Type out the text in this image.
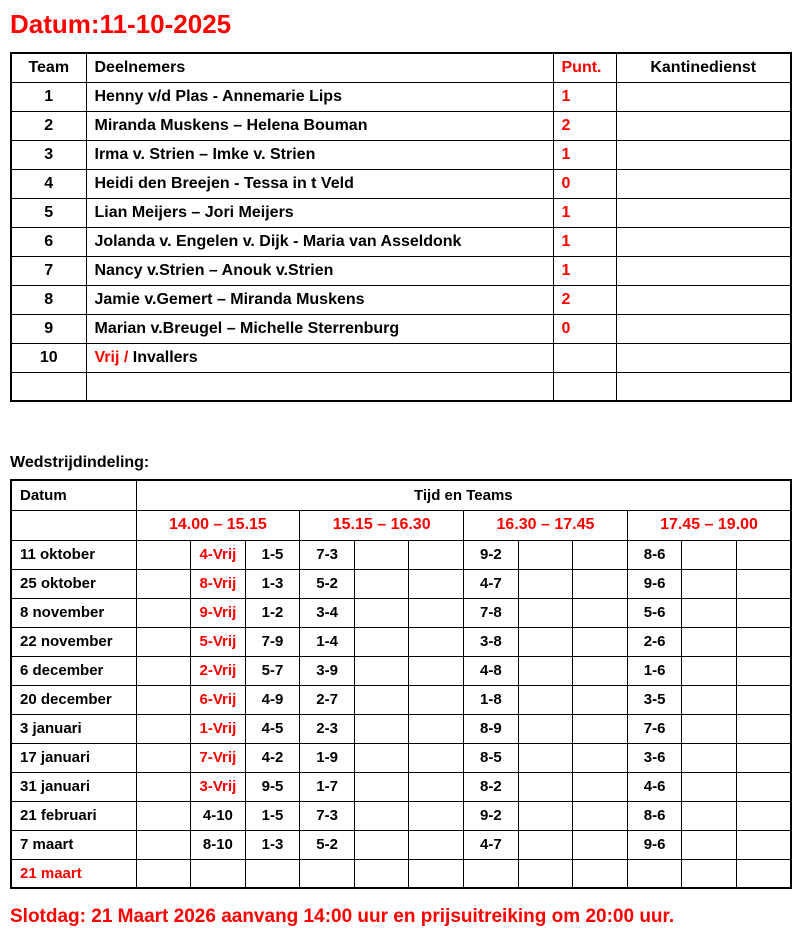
Datum:11-10-2025
Team	Deelnemers	Punt.	Kantinedienst
1	Henny v/d Plas - Annemarie Lips	1	
2	Miranda Muskens – Helena Bouman	2	
3	Irma v. Strien – Imke v. Strien	1	
4	Heidi den Breejen - Tessa in t Veld	0	
5	Lian Meijers – Jori Meijers	1	
6	Jolanda v. Engelen v. Dijk - Maria van Asseldonk	1	
7	Nancy v.Strien – Anouk v.Strien	1	
8	Jamie v.Gemert – Miranda Muskens	2	
9	Marian v.Breugel – Michelle Sterrenburg	0	
10	Vrij / Invallers		

Wedstrijdindeling:
Datum	Tijd en Teams											
	14.00 – 15.15			15.15 – 16.30			16.30 – 17.45			17.45 – 19.00		
11 oktober		4-Vrij	1-5	7-3			9-2			8-6		
25 oktober		8-Vrij	1-3	5-2			4-7			9-6		
8 november		9-Vrij	1-2	3-4			7-8			5-6		
22 november		5-Vrij	7-9	1-4			3-8			2-6		
6 december		2-Vrij	5-7	3-9			4-8			1-6		
20 december		6-Vrij	4-9	2-7			1-8			3-5		
3 januari		1-Vrij	4-5	2-3			8-9			7-6		
17 januari		7-Vrij	4-2	1-9			8-5			3-6		
31 januari		3-Vrij	9-5	1-7			8-2			4-6		
21 februari		4-10	1-5	7-3			9-2			8-6		
7 maart		8-10	1-3	5-2			4-7			9-6		
21 maart												
Slotdag: 21 Maart 2026 aanvang 14:00 uur en prijsuitreiking om 20:00 uur.
